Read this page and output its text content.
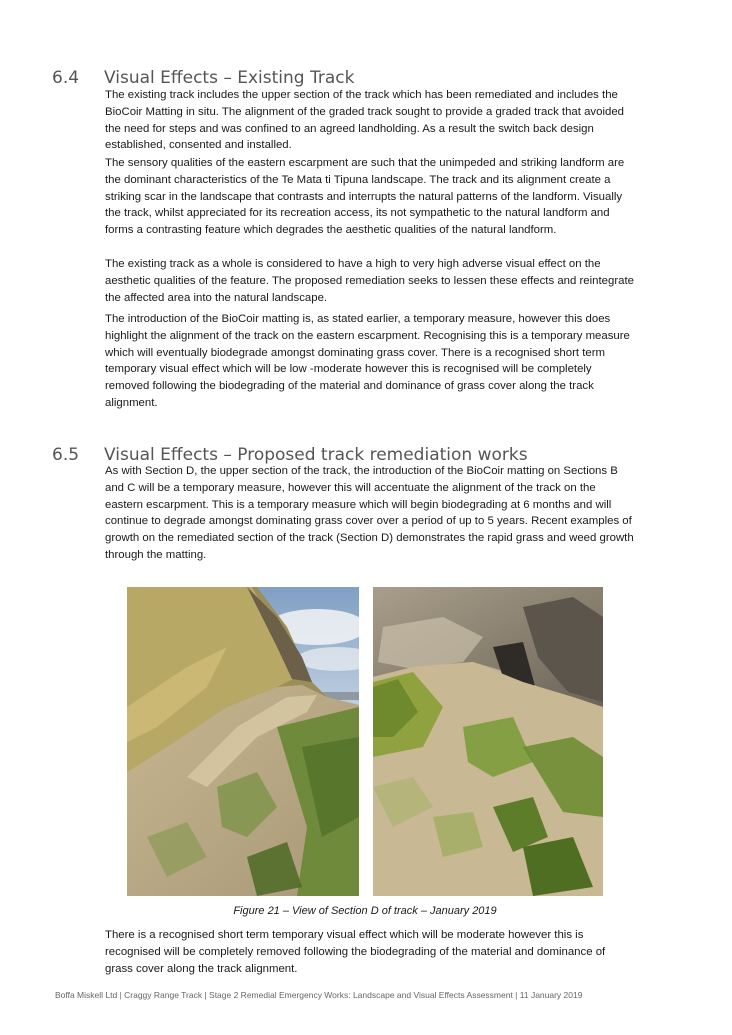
6.4 Visual Effects – Existing Track

The existing track includes the upper section of the track which has been remediated and includes the BioCoir Matting in situ. The alignment of the graded track sought to provide a graded track that avoided the need for steps and was confined to an agreed landholding. As a result the switch back design established, consented and installed.

The sensory qualities of the eastern escarpment are such that the unimpeded and striking landform are the dominant characteristics of the Te Mata ti Tipuna landscape. The track and its alignment create a striking scar in the landscape that contrasts and interrupts the natural patterns of the landform. Visually the track, whilst appreciated for its recreation access, its not sympathetic to the natural landform and forms a contrasting feature which degrades the aesthetic qualities of the natural landform.

The existing track as a whole is considered to have a high to very high adverse visual effect on the aesthetic qualities of the feature. The proposed remediation seeks to lessen these effects and reintegrate the affected area into the natural landscape.

The introduction of the BioCoir matting is, as stated earlier, a temporary measure, however this does highlight the alignment of the track on the eastern escarpment. Recognising this is a temporary measure which will eventually biodegrade amongst dominating grass cover. There is a recognised short term temporary visual effect which will be low -moderate however this is recognised will be completely removed following the biodegrading of the material and dominance of grass cover along the track alignment.

6.5 Visual Effects – Proposed track remediation works

As with Section D, the upper section of the track, the introduction of the BioCoir matting on Sections B and C will be a temporary measure, however this will accentuate the alignment of the track on the eastern escarpment. This is a temporary measure which will begin biodegrading at 6 months and will continue to degrade amongst dominating grass cover over a period of up to 5 years. Recent examples of growth on the remediated section of the track (Section D) demonstrates the rapid grass and weed growth through the matting.

Figure 21 – View of Section D of track – January 2019

There is a recognised short term temporary visual effect which will be moderate however this is recognised will be completely removed following the biodegrading of the material and dominance of grass cover along the track alignment.

Boffa Miskell Ltd | Craggy Range Track | Stage 2 Remedial Emergency Works: Landscape and Visual Effects Assessment | 11 January 2019
